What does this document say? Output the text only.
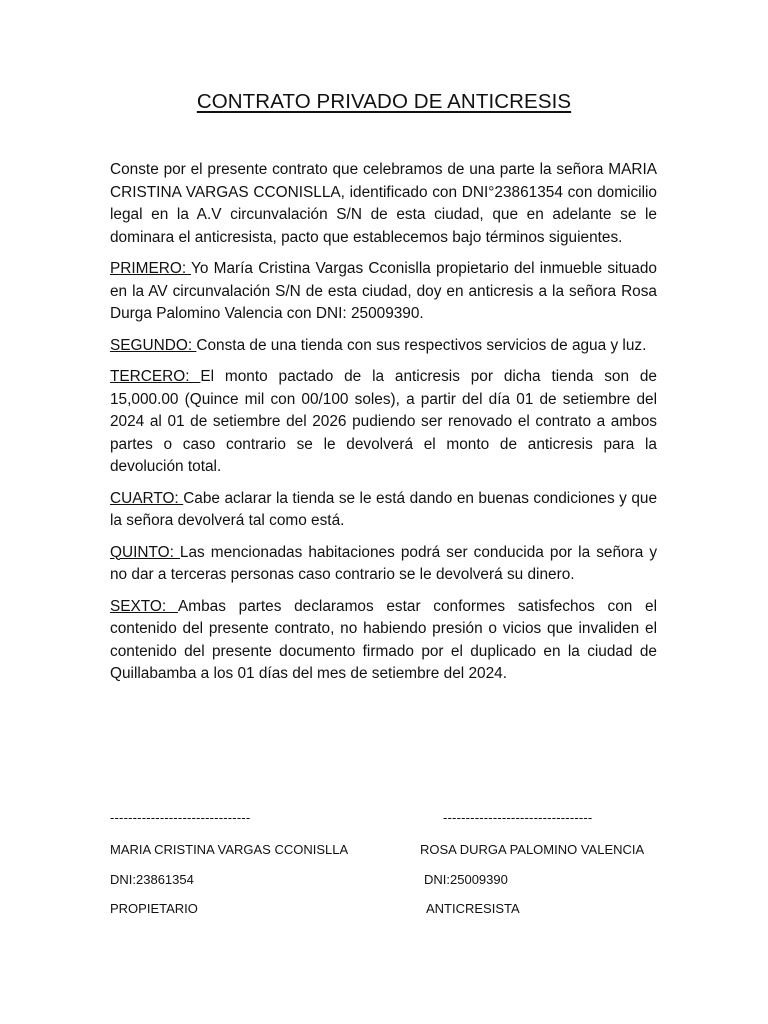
CONTRATO PRIVADO DE ANTICRESIS

Conste por el presente contrato que celebramos de una parte la señora MARIA CRISTINA VARGAS CCONISLLA, identificado con DNI°23861354 con domicilio legal en la A.V circunvalación S/N de esta ciudad, que en adelante se le dominara el anticresista, pacto que establecemos bajo términos siguientes.

PRIMERO: Yo María Cristina Vargas Cconislla propietario del inmueble situado en la AV circunvalación S/N de esta ciudad, doy en anticresis a la señora Rosa Durga Palomino Valencia con DNI: 25009390.

SEGUNDO: Consta de una tienda con sus respectivos servicios de agua y luz.

TERCERO: El monto pactado de la anticresis por dicha tienda son de 15,000.00 (Quince mil con 00/100 soles), a partir del día 01 de setiembre del 2024 al 01 de setiembre del 2026 pudiendo ser renovado el contrato a ambos partes o caso contrario se le devolverá el monto de anticresis para la devolución total.

CUARTO: Cabe aclarar la tienda se le está dando en buenas condiciones y que la señora devolverá tal como está.

QUINTO: Las mencionadas habitaciones podrá ser conducida por la señora y no dar a terceras personas caso contrario se le devolverá su dinero.

SEXTO: Ambas partes declaramos estar conformes satisfechos con el contenido del presente contrato, no habiendo presión o vicios que invaliden el contenido del presente documento firmado por el duplicado en la ciudad de Quillabamba a los 01 días del mes de setiembre del 2024.

-------------------------------
MARIA CRISTINA VARGAS CCONISLLA
DNI:23861354
PROPIETARIO
---------------------------------
ROSA DURGA PALOMINO VALENCIA
DNI:25009390
ANTICRESISTA
